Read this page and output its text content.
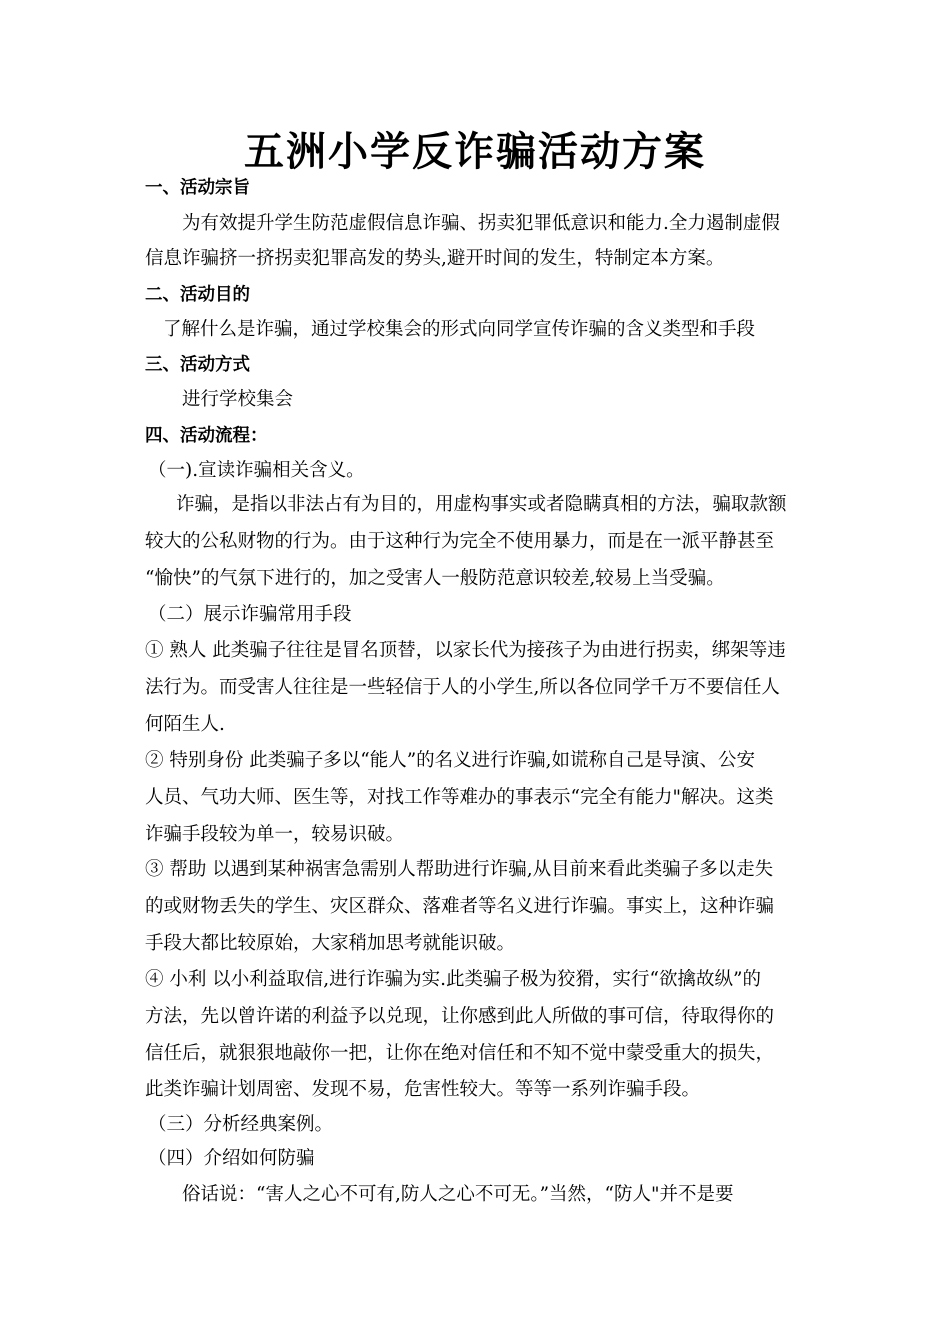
五洲小学反诈骗活动方案
一、活动宗旨
为有效提升学生防范虚假信息诈骗、拐卖犯罪低意识和能力.全力遏制虚假
信息诈骗挤一挤拐卖犯罪高发的势头,避开时间的发生，特制定本方案。
二、活动目的
了解什么是诈骗，通过学校集会的形式向同学宣传诈骗的含义类型和手段
三、活动方式
进行学校集会
四、活动流程：
（一).宣读诈骗相关含义。
诈骗，是指以非法占有为目的，用虚构事实或者隐瞒真相的方法，骗取款额
较大的公私财物的行为。由于这种行为完全不使用暴力，而是在一派平静甚至
“愉快”的气氛下进行的，加之受害人一般防范意识较差,较易上当受骗。
（二）展示诈骗常用手段
① 熟人 此类骗子往往是冒名顶替，以家长代为接孩子为由进行拐卖，绑架等违
法行为。而受害人往往是一些轻信于人的小学生,所以各位同学千万不要信任人
何陌生人.
② 特别身份 此类骗子多以“能人”的名义进行诈骗,如谎称自己是导演、公安
人员、气功大师、医生等，对找工作等难办的事表示“完全有能力"解决。这类
诈骗手段较为单一，较易识破。
③ 帮助 以遇到某种祸害急需别人帮助进行诈骗,从目前来看此类骗子多以走失
的或财物丢失的学生、灾区群众、落难者等名义进行诈骗。事实上，这种诈骗
手段大都比较原始，大家稍加思考就能识破。
④ 小利 以小利益取信,进行诈骗为实.此类骗子极为狡猾，实行“欲擒故纵”的
方法，先以曾许诺的利益予以兑现，让你感到此人所做的事可信，待取得你的
信任后，就狠狠地敲你一把，让你在绝对信任和不知不觉中蒙受重大的损失，
此类诈骗计划周密、发现不易，危害性较大。等等一系列诈骗手段。
（三）分析经典案例。
（四）介绍如何防骗
俗话说：“害人之心不可有,防人之心不可无。”当然，“防人"并不是要
